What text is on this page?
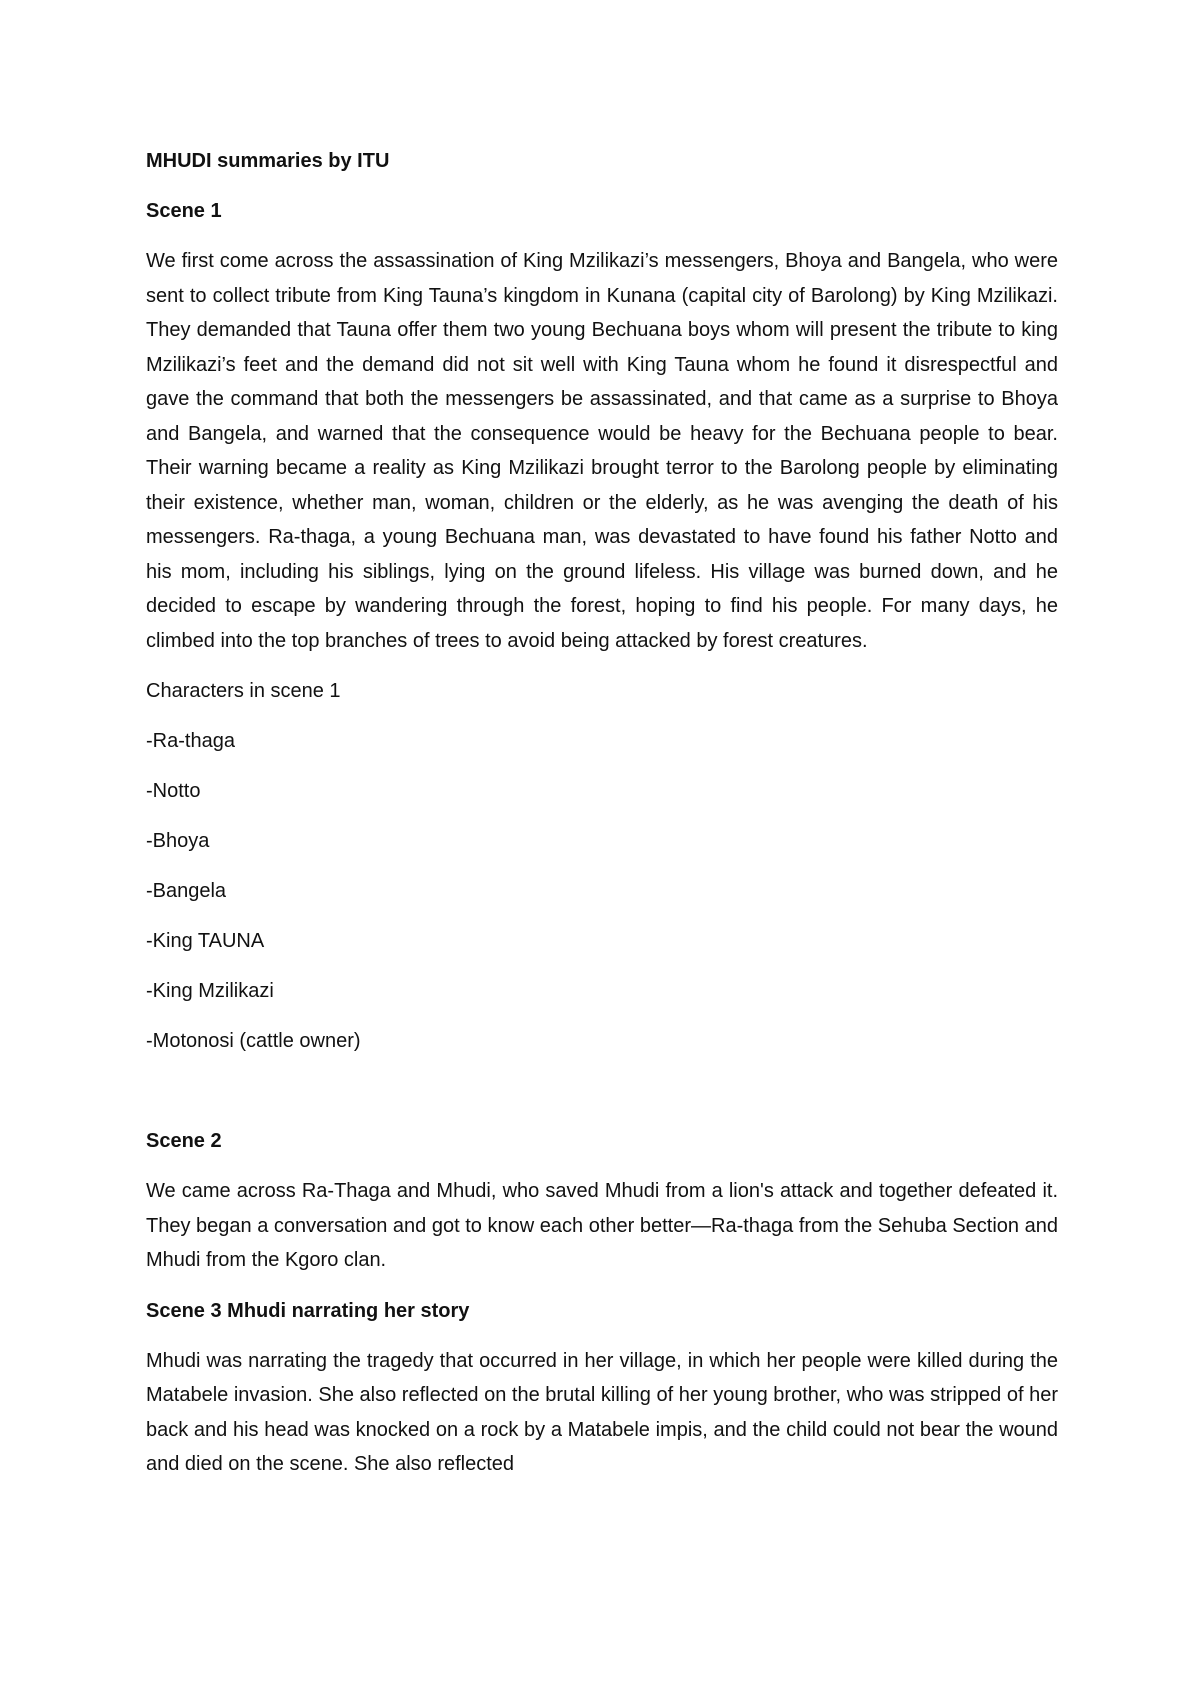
MHUDI summaries by ITU
Scene 1

We first come across the assassination of King Mzilikazi’s messengers, Bhoya and Bangela, who were sent to collect tribute from King Tauna’s kingdom in Kunana (capital city of Barolong) by King Mzilikazi. They demanded that Tauna offer them two young Bechuana boys whom will present the tribute to king Mzilikazi’s feet and the demand did not sit well with King Tauna whom he found it disrespectful and gave the command that both the messengers be assassinated, and that came as a surprise to Bhoya and Bangela, and warned that the consequence would be heavy for the Bechuana people to bear. Their warning became a reality as King Mzilikazi brought terror to the Barolong people by eliminating their existence, whether man, woman, children or the elderly, as he was avenging the death of his messengers. Ra-thaga, a young Bechuana man, was devastated to have found his father Notto and his mom, including his siblings, lying on the ground lifeless. His village was burned down, and he decided to escape by wandering through the forest, hoping to find his people. For many days, he climbed into the top branches of trees to avoid being attacked by forest creatures.

Characters in scene 1
-Ra-thaga
-Notto
-Bhoya
-Bangela
-King TAUNA
-King Mzilikazi
-Motonosi (cattle owner)
Scene 2

We came across Ra-Thaga and Mhudi, who saved Mhudi from a lion's attack and together defeated it. They began a conversation and got to know each other better—Ra-thaga from the Sehuba Section and Mhudi from the Kgoro clan.

Scene 3 Mhudi narrating her story

Mhudi was narrating the tragedy that occurred in her village, in which her people were killed during the Matabele invasion. She also reflected on the brutal killing of her young brother, who was stripped of her back and his head was knocked on a rock by a Matabele impis, and the child could not bear the wound and died on the scene. She also reflected
